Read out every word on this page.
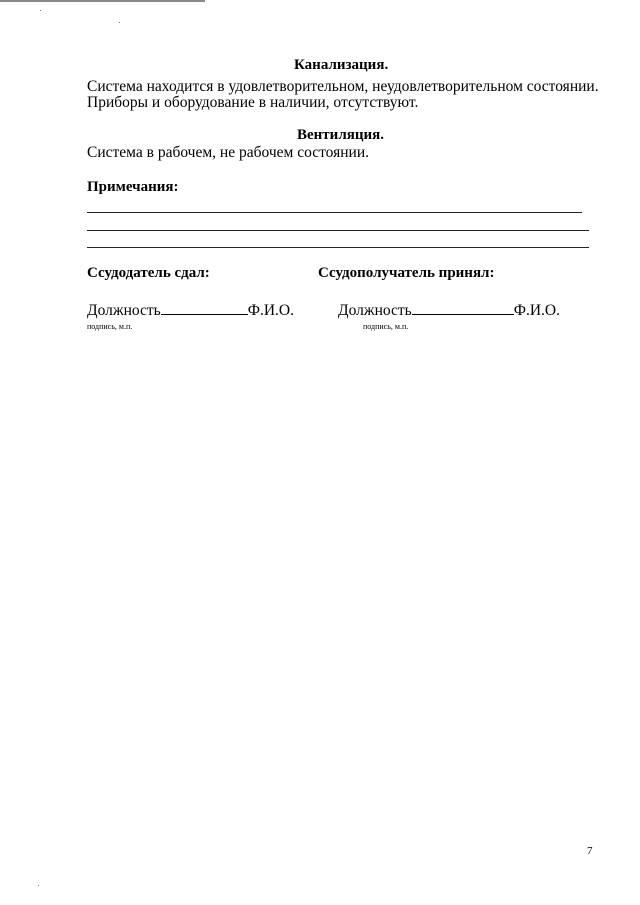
Канализация.
Система находится в удовлетворительном, неудовлетворительном состоянии.
Приборы и оборудование в наличии, отсутствуют.
Вентиляция.
Система в рабочем, не рабочем состоянии.
Примечания:
Ссудодатель сдал:	Ссудополучатель принял:
Должность	Ф.И.О.
подпись, м.п.
Должность	Ф.И.О.
подпись, м.п.
7
